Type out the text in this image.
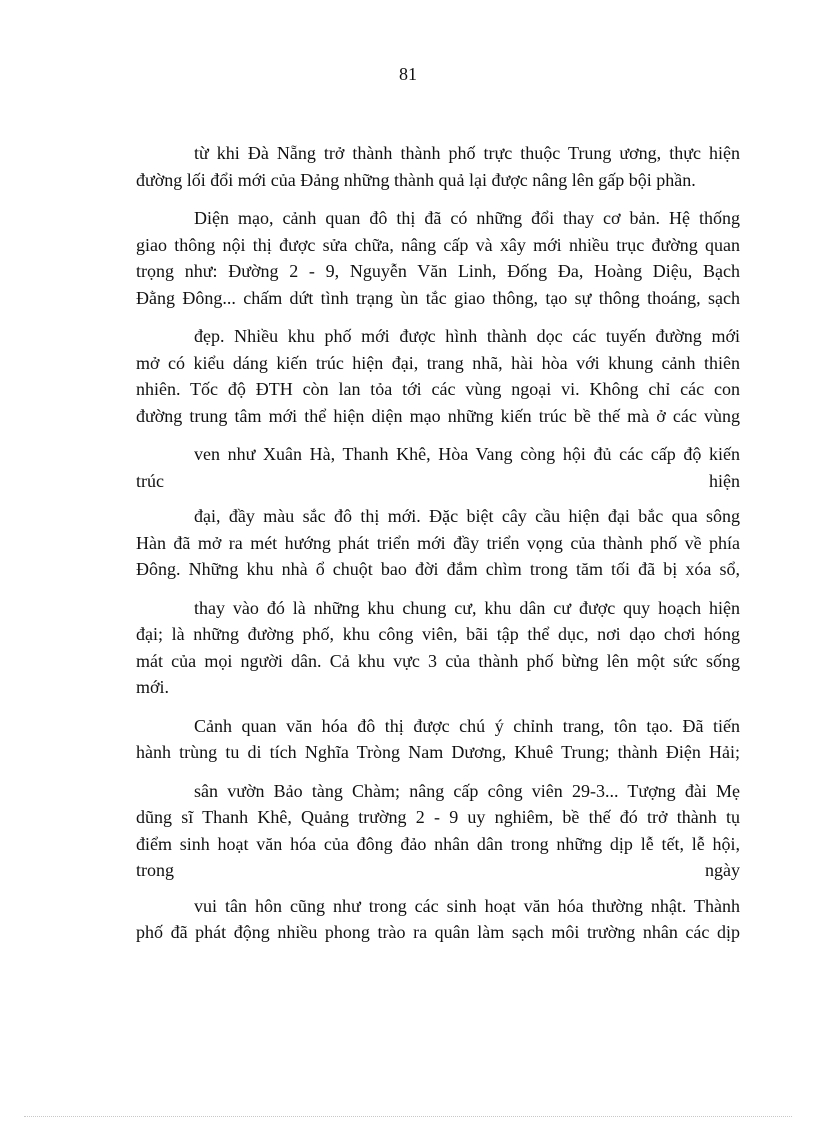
81
từ khi Đà Nẵng trở thành thành phố trực thuộc Trung ương, thực hiện
đường lối đổi mới của Đảng những thành quả lại được nâng lên gấp bội phần.
Diện mạo, cảnh quan đô thị đã có những đổi thay cơ bản. Hệ thống
giao thông nội thị được sửa chữa, nâng cấp và xây mới nhiều trục đường quan
trọng như: Đường 2 - 9, Nguyễn Văn Linh, Đống Đa, Hoàng Diệu, Bạch
Đằng Đông... chấm dứt tình trạng ùn tắc giao thông, tạo sự thông thoáng, sạch
đẹp. Nhiều khu phố mới được hình thành dọc các tuyến đường mới
mở có kiểu dáng kiến trúc hiện đại, trang nhã, hài hòa với khung cảnh thiên
nhiên. Tốc độ ĐTH còn lan tỏa tới các vùng ngoại vi. Không chỉ các con
đường trung tâm mới thể hiện diện mạo những kiến trúc bề thế mà ở các vùng
ven như Xuân Hà, Thanh Khê, Hòa Vang còng hội đủ các cấp độ kiến
trúc hiện
đại, đầy màu sắc đô thị mới. Đặc biệt cây cầu hiện đại bắc qua sông
Hàn đã mở ra mét hướng phát triển mới đầy triển vọng của thành phố về phía
Đông. Những khu nhà ổ chuột bao đời đắm chìm trong tăm tối đã bị xóa sổ,
thay vào đó là những khu chung cư, khu dân cư được quy hoạch hiện
đại; là những đường phố, khu công viên, bãi tập thể dục, nơi dạo chơi hóng
mát của mọi người dân. Cả khu vực 3 của thành phố bừng lên một sức sống
mới.
Cảnh quan văn hóa đô thị được chú ý chỉnh trang, tôn tạo. Đã tiến
hành trùng tu di tích Nghĩa Tròng Nam Dương, Khuê Trung; thành Điện Hải;
sân vườn Bảo tàng Chàm; nâng cấp công viên 29-3... Tượng đài Mẹ
dũng sĩ Thanh Khê, Quảng trường 2 - 9 uy nghiêm, bề thế đó trở thành tụ
điểm sinh hoạt văn hóa của đông đảo nhân dân trong những dịp lễ tết, lễ hội,
trong ngày
vui tân hôn cũng như trong các sinh hoạt văn hóa thường nhật. Thành
phố đã phát động nhiều phong trào ra quân làm sạch môi trường nhân các dịp
